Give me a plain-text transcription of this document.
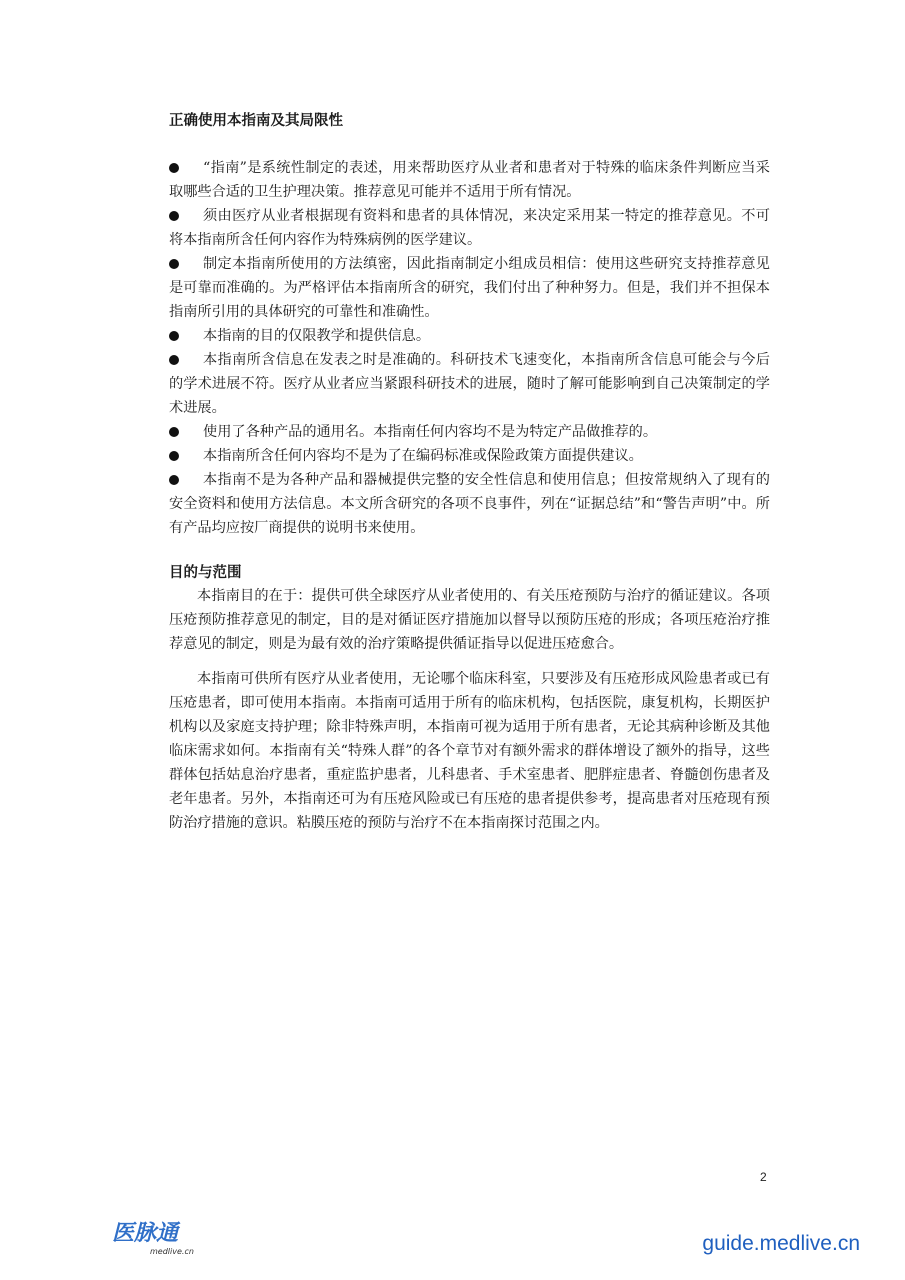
正确使用本指南及其局限性
“指南”是系统性制定的表述，用来帮助医疗从业者和患者对于特殊的临床条件判断应当采取哪些合适的卫生护理决策。推荐意见可能并不适用于所有情况。
须由医疗从业者根据现有资料和患者的具体情况，来决定采用某一特定的推荐意见。不可将本指南所含任何内容作为特殊病例的医学建议。
制定本指南所使用的方法缜密，因此指南制定小组成员相信：使用这些研究支持推荐意见是可靠而准确的。为严格评估本指南所含的研究，我们付出了种种努力。但是，我们并不担保本指南所引用的具体研究的可靠性和准确性。
本指南的目的仅限教学和提供信息。
本指南所含信息在发表之时是准确的。科研技术飞速变化，本指南所含信息可能会与今后的学术进展不符。医疗从业者应当紧跟科研技术的进展，随时了解可能影响到自己决策制定的学术进展。
使用了各种产品的通用名。本指南任何内容均不是为特定产品做推荐的。
本指南所含任何内容均不是为了在编码标准或保险政策方面提供建议。
本指南不是为各种产品和器械提供完整的安全性信息和使用信息；但按常规纳入了现有的安全资料和使用方法信息。本文所含研究的各项不良事件，列在“证据总结”和“警告声明”中。所有产品均应按厂商提供的说明书来使用。
目的与范围

本指南目的在于：提供可供全球医疗从业者使用的、有关压疮预防与治疗的循证建议。各项压疮预防推荐意见的制定，目的是对循证医疗措施加以督导以预防压疮的形成；各项压疮治疗推荐意见的制定，则是为最有效的治疗策略提供循证指导以促进压疮愈合。

本指南可供所有医疗从业者使用，无论哪个临床科室，只要涉及有压疮形成风险患者或已有压疮患者，即可使用本指南。本指南可适用于所有的临床机构，包括医院，康复机构，长期医护机构以及家庭支持护理；除非特殊声明，本指南可视为适用于所有患者，无论其病种诊断及其他临床需求如何。本指南有关“特殊人群”的各个章节对有额外需求的群体增设了额外的指导，这些群体包括姑息治疗患者，重症监护患者，儿科患者、手术室患者、肥胖症患者、脊髓创伤患者及老年患者。另外，本指南还可为有压疮风险或已有压疮的患者提供参考，提高患者对压疮现有预防治疗措施的意识。粘膜压疮的预防与治疗不在本指南探讨范围之内。

2
医脉通
medlive.cn	guide.medlive.cn
